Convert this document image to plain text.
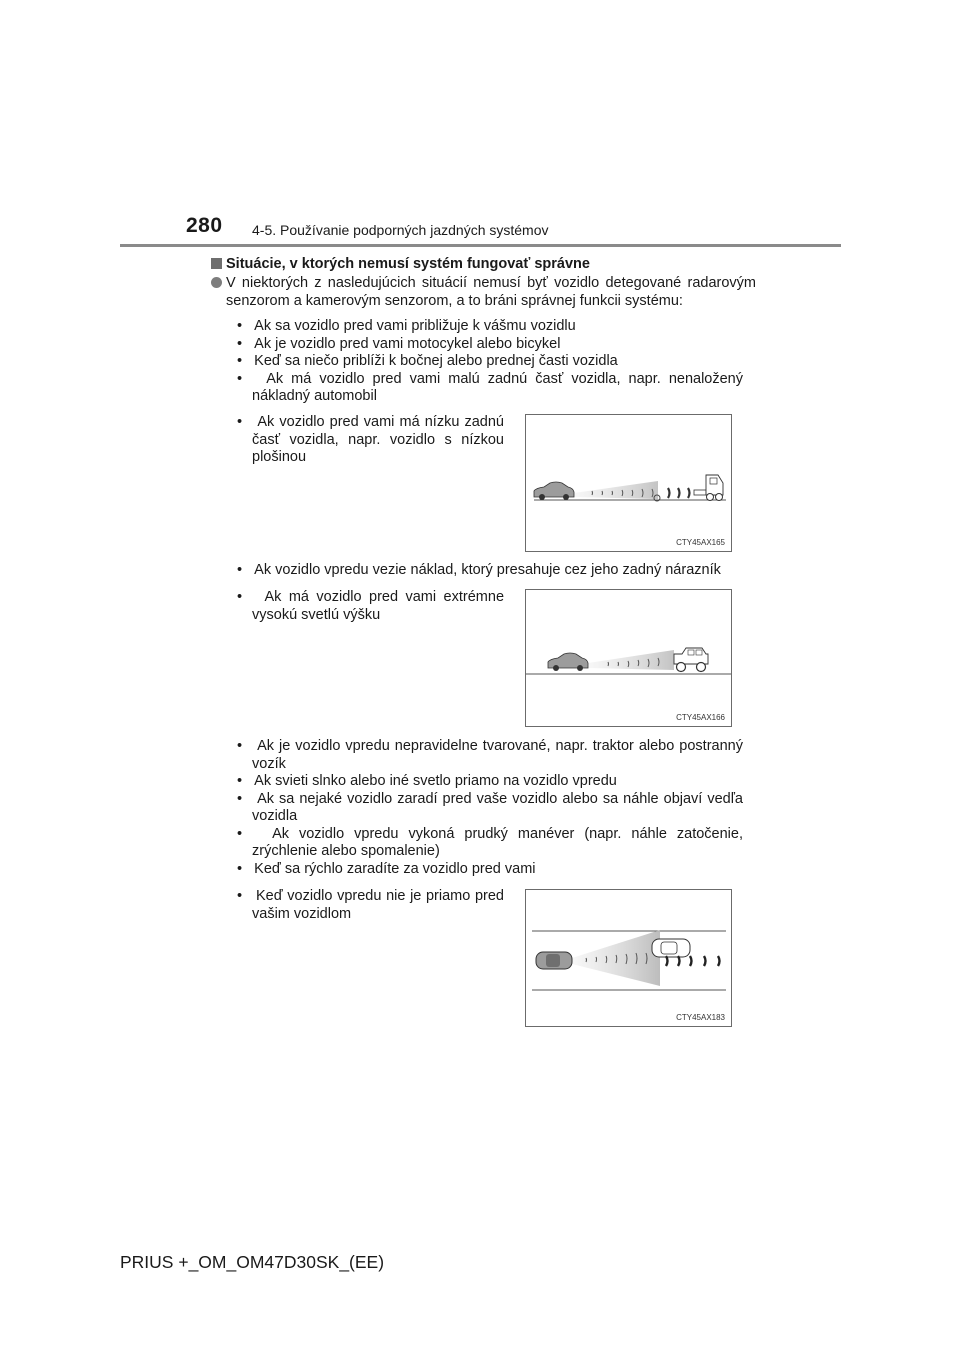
280 4-5. Používanie podporných jazdných systémov
Situácie, v ktorých nemusí systém fungovať správne
V niektorých z nasledujúcich situácií nemusí byť vozidlo detegované radarovým senzorom a kamerovým senzorom, a to bráni správnej funkcii systému:
• Ak sa vozidlo pred vami približuje k vášmu vozidlu
• Ak je vozidlo pred vami motocykel alebo bicykel
• Keď sa niečo priblíži k bočnej alebo prednej časti vozidla
• Ak má vozidlo pred vami malú zadnú časť vozidla, napr. nenaložený nákladný automobil
• Ak vozidlo pred vami má nízku zadnú časť vozidla, napr. vozidlo s nízkou plošinou
CTY45AX165
• Ak vozidlo vpredu vezie náklad, ktorý presahuje cez jeho zadný nárazník
• Ak má vozidlo pred vami extrémne vysokú svetlú výšku
CTY45AX166
• Ak je vozidlo vpredu nepravidelne tvarované, napr. traktor alebo postranný vozík
• Ak svieti slnko alebo iné svetlo priamo na vozidlo vpredu
• Ak sa nejaké vozidlo zaradí pred vaše vozidlo alebo sa náhle objaví vedľa vozidla
• Ak vozidlo vpredu vykoná prudký manéver (napr. náhle zatočenie, zrýchlenie alebo spomalenie)
• Keď sa rýchlo zaradíte za vozidlo pred vami
• Keď vozidlo vpredu nie je priamo pred vašim vozidlom
CTY45AX183
PRIUS +_OM_OM47D30SK_(EE)
